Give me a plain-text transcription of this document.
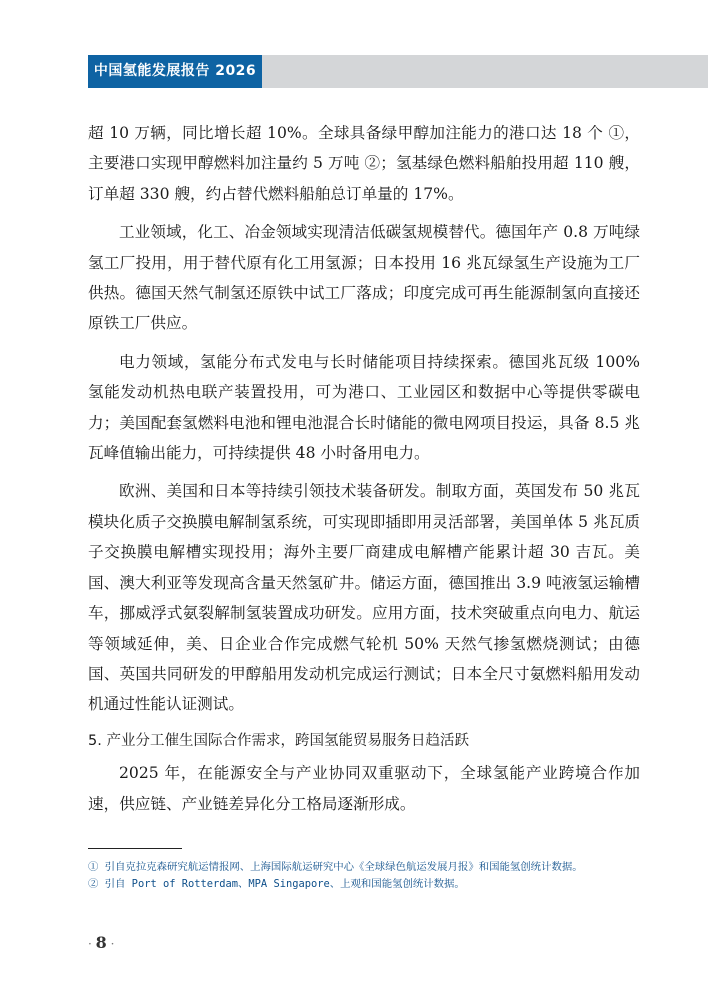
中国氢能发展报告 2026

超 10 万辆，同比增长超 10%。全球具备绿甲醇加注能力的港口达 18 个 ①，主要港口实现甲醇燃料加注量约 5 万吨 ②；氢基绿色燃料船舶投用超 110 艘，订单超 330 艘，约占替代燃料船舶总订单量的 17%。

工业领域，化工、冶金领域实现清洁低碳氢规模替代。德国年产 0.8 万吨绿氢工厂投用，用于替代原有化工用氢源；日本投用 16 兆瓦绿氢生产设施为工厂供热。德国天然气制氢还原铁中试工厂落成；印度完成可再生能源制氢向直接还原铁工厂供应。

电力领域，氢能分布式发电与长时储能项目持续探索。德国兆瓦级 100% 氢能发动机热电联产装置投用，可为港口、工业园区和数据中心等提供零碳电力；美国配套氢燃料电池和锂电池混合长时储能的微电网项目投运，具备 8.5 兆瓦峰值输出能力，可持续提供 48 小时备用电力。

欧洲、美国和日本等持续引领技术装备研发。制取方面，英国发布 50 兆瓦模块化质子交换膜电解制氢系统，可实现即插即用灵活部署，美国单体 5 兆瓦质子交换膜电解槽实现投用；海外主要厂商建成电解槽产能累计超 30 吉瓦。美国、澳大利亚等发现高含量天然氢矿井。储运方面，德国推出 3.9 吨液氢运输槽车，挪威浮式氨裂解制氢装置成功研发。应用方面，技术突破重点向电力、航运等领域延伸，美、日企业合作完成燃气轮机 50% 天然气掺氢燃烧测试；由德国、英国共同研发的甲醇船用发动机完成运行测试；日本全尺寸氨燃料船用发动机通过性能认证测试。

5. 产业分工催生国际合作需求，跨国氢能贸易服务日趋活跃

2025 年，在能源安全与产业协同双重驱动下，全球氢能产业跨境合作加速，供应链、产业链差异化分工格局逐渐形成。

① 引自克拉克森研究航运情报网、上海国际航运研究中心《全球绿色航运发展月报》和国能氢创统计数据。
② 引自 Port of Rotterdam、MPA Singapore、上观和国能氢创统计数据。
· 8 ·
